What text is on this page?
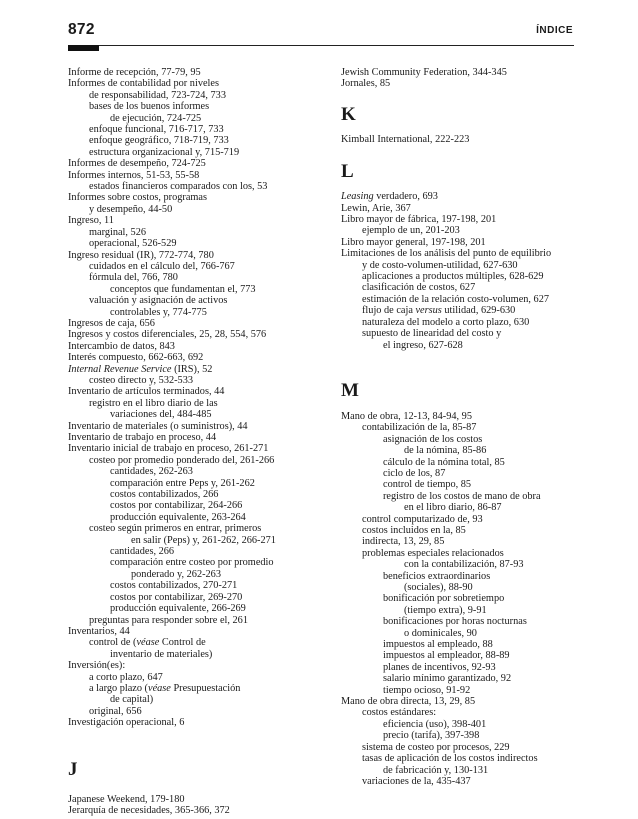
872	ÍNDICE
Informe de recepción, 77-79, 95
Informes de contabilidad por niveles
de responsabilidad, 723-724, 733
bases de los buenos informes
de ejecución, 724-725
enfoque funcional, 716-717, 733
enfoque geográfico, 718-719, 733
estructura organizacional y, 715-719
Informes de desempeño, 724-725
Informes internos, 51-53, 55-58
estados financieros comparados con los, 53
Informes sobre costos, programas
y desempeño, 44-50
Ingreso, 11
marginal, 526
operacional, 526-529
Ingreso residual (IR), 772-774, 780
cuidados en el cálculo del, 766-767
fórmula del, 766, 780
conceptos que fundamentan el, 773
valuación y asignación de activos
controlables y, 774-775
Ingresos de caja, 656
Ingresos y costos diferenciales, 25, 28, 554, 576
Intercambio de datos, 843
Interés compuesto, 662-663, 692
Internal Revenue Service (IRS), 52
costeo directo y, 532-533
Inventario de artículos terminados, 44
registro en el libro diario de las
variaciones del, 484-485
Inventario de materiales (o suministros), 44
Inventario de trabajo en proceso, 44
Inventario inicial de trabajo en proceso, 261-271
costeo por promedio ponderado del, 261-266
cantidades, 262-263
comparación entre Peps y, 261-262
costos contabilizados, 266
costos por contabilizar, 264-266
producción equivalente, 263-264
costeo según primeros en entrar, primeros
en salir (Peps) y, 261-262, 266-271
cantidades, 266
comparación entre costeo por promedio
ponderado y, 262-263
costos contabilizados, 270-271
costos por contabilizar, 269-270
producción equivalente, 266-269
preguntas para responder sobre el, 261
Inventarios, 44
control de (véase Control de
inventario de materiales)
Inversión(es):
a corto plazo, 647
a largo plazo (véase Presupuestación
de capital)
original, 656
Investigación operacional, 6
J
Japanese Weekend, 179-180
Jerarquía de necesidades, 365-366, 372
Jewish Community Federation, 344-345
Jornales, 85
K
Kimball International, 222-223
L
Leasing verdadero, 693
Lewin, Arie, 367
Libro mayor de fábrica, 197-198, 201
ejemplo de un, 201-203
Libro mayor general, 197-198, 201
Limitaciones de los análisis del punto de equilibrio
y de costo-volumen-utilidad, 627-630
aplicaciones a productos múltiples, 628-629
clasificación de costos, 627
estimación de la relación costo-volumen, 627
flujo de caja versus utilidad, 629-630
naturaleza del modelo a corto plazo, 630
supuesto de linearidad del costo y
el ingreso, 627-628
M
Mano de obra, 12-13, 84-94, 95
contabilización de la, 85-87
asignación de los costos
de la nómina, 85-86
cálculo de la nómina total, 85
ciclo de los, 87
control de tiempo, 85
registro de los costos de mano de obra
en el libro diario, 86-87
control computarizado de, 93
costos incluidos en la, 85
indirecta, 13, 29, 85
problemas especiales relacionados
con la contabilización, 87-93
beneficios extraordinarios
(sociales), 88-90
bonificación por sobretiempo
(tiempo extra), 9-91
bonificaciones por horas nocturnas
o dominicales, 90
impuestos al empleado, 88
impuestos al empleador, 88-89
planes de incentivos, 92-93
salario mínimo garantizado, 92
tiempo ocioso, 91-92
Mano de obra directa, 13, 29, 85
costos estándares:
eficiencia (uso), 398-401
precio (tarifa), 397-398
sistema de costeo por procesos, 229
tasas de aplicación de los costos indirectos
de fabricación y, 130-131
variaciones de la, 435-437
